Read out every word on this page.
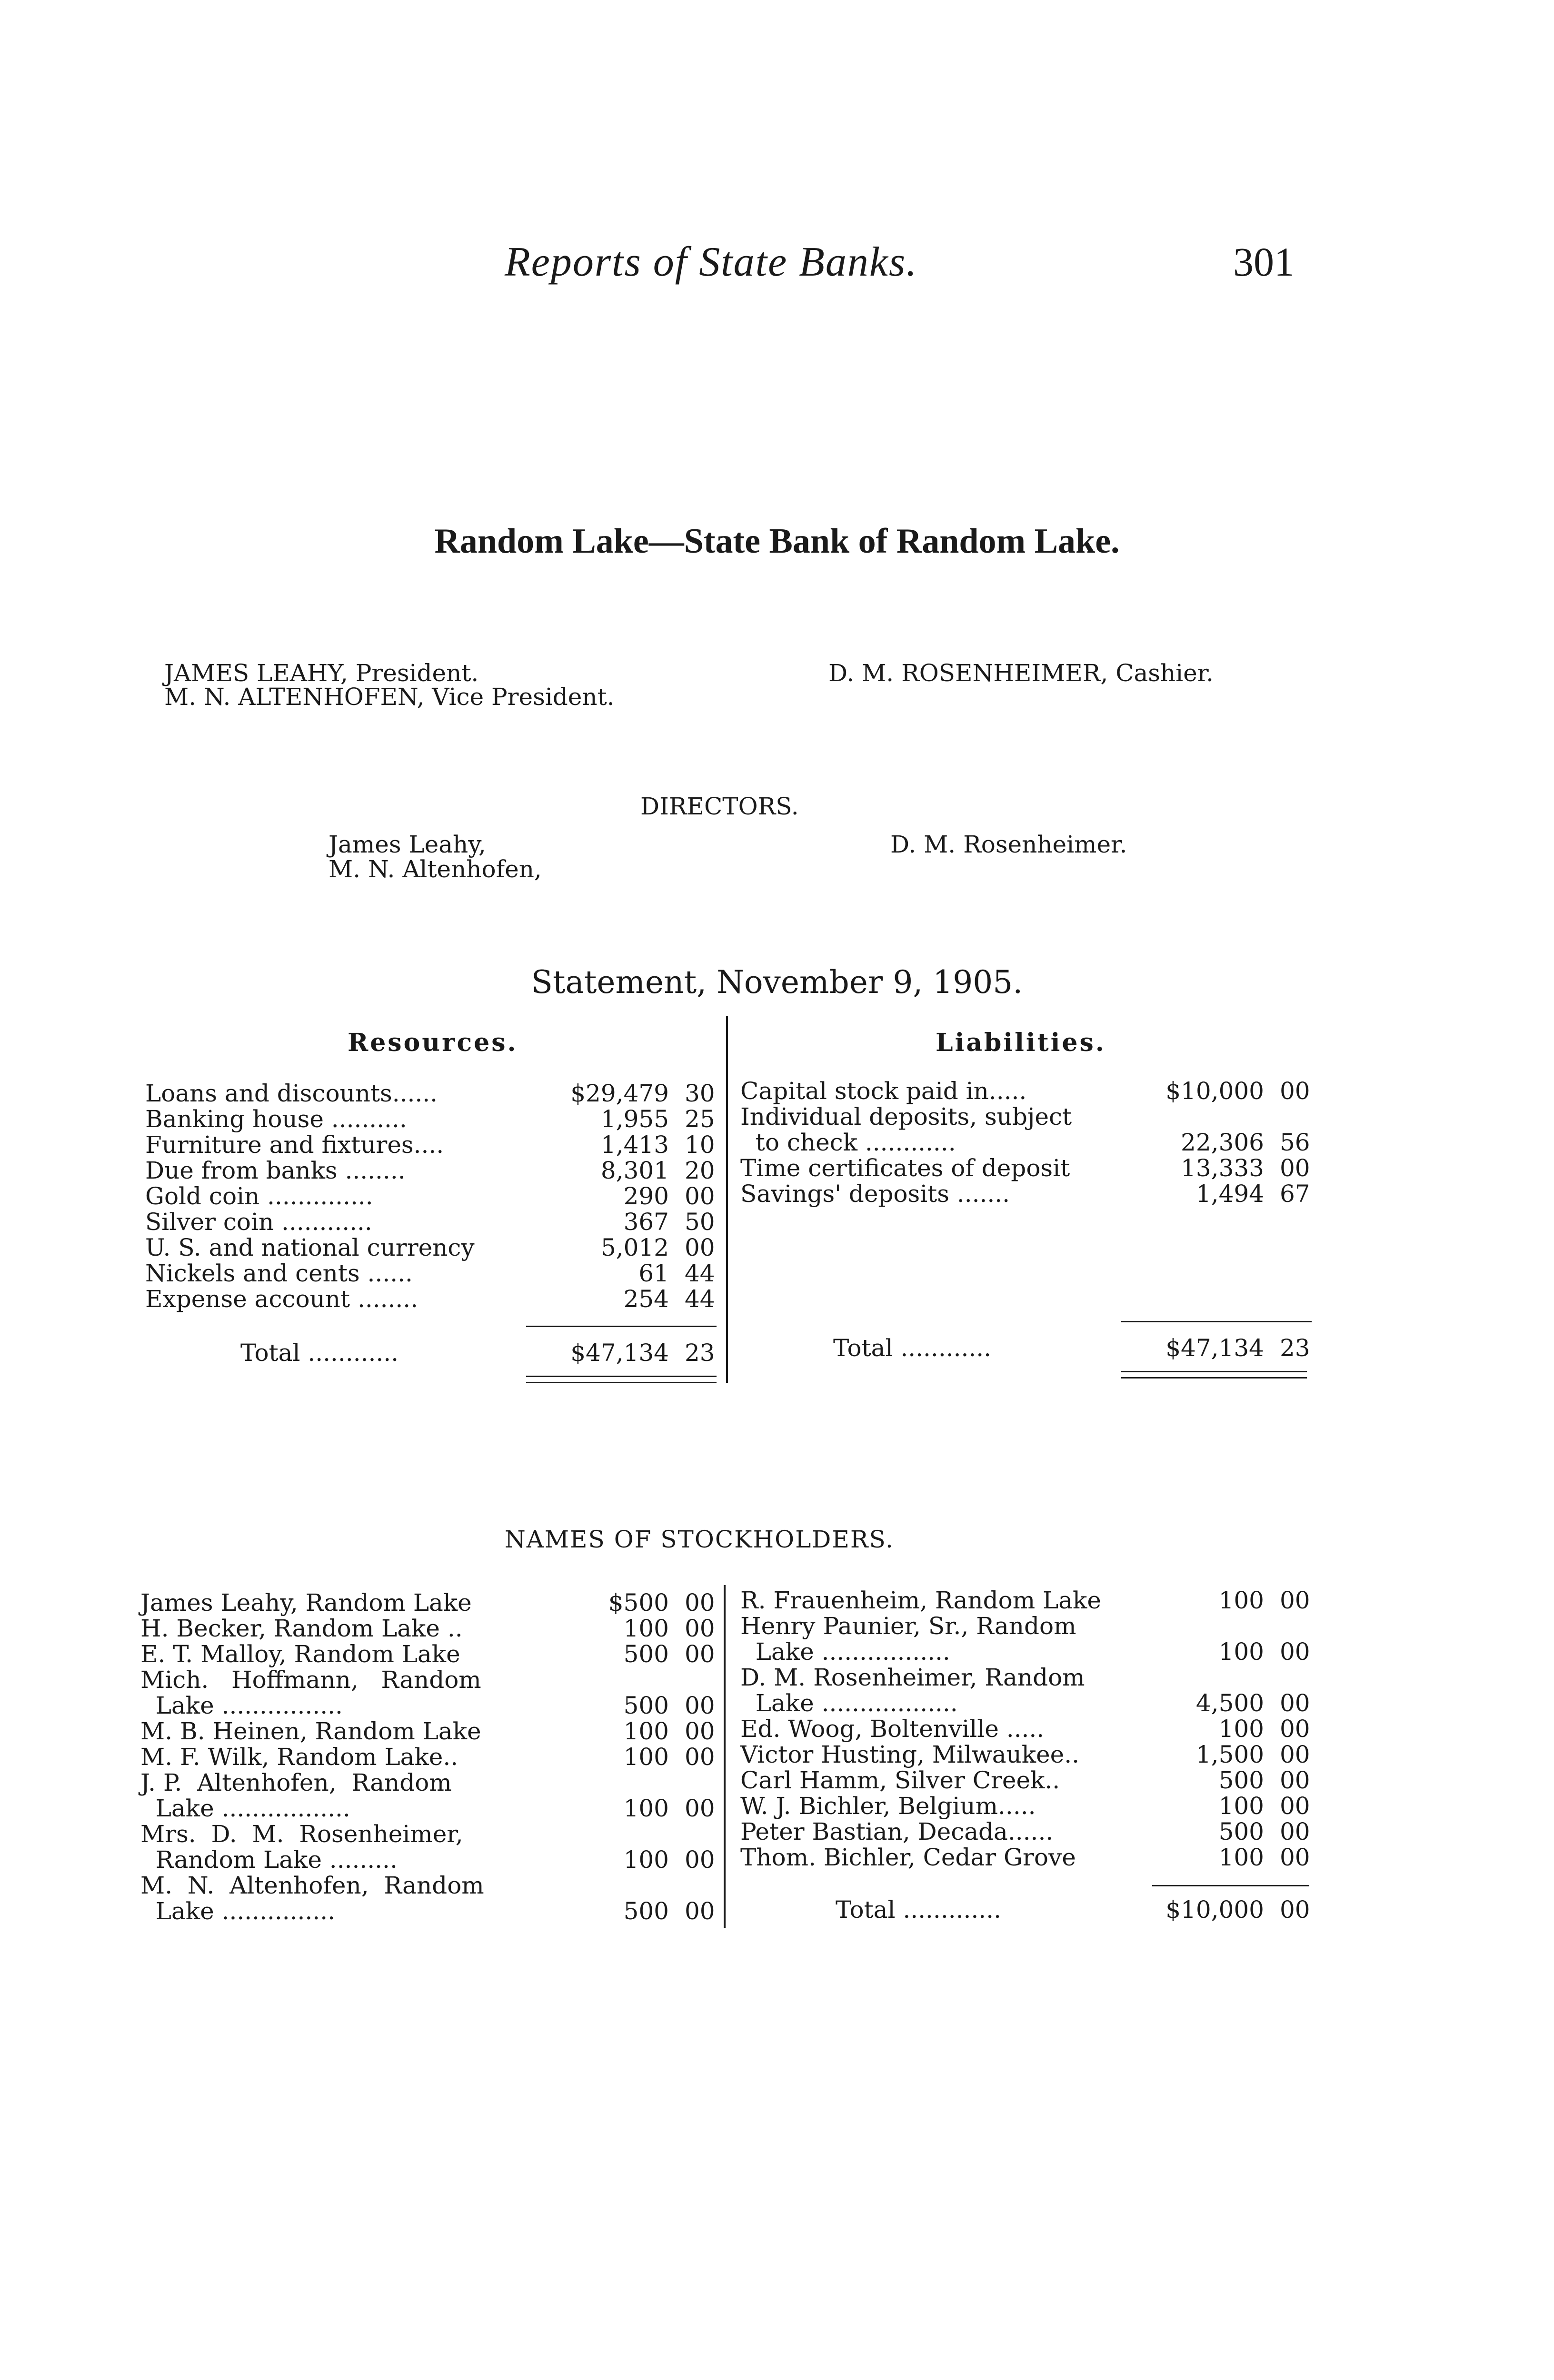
Reports of State Banks.	301
Random Lake—State Bank of Random Lake.
JAMES LEAHY, President.
M. N. ALTENHOFEN, Vice President.
D. M. ROSENHEIMER, Cashier.
DIRECTORS.
James Leahy,
M. N. Altenhofen,
D. M. Rosenheimer.
Statement, November 9, 1905.
Resources.	Liabilities.
Loans and discounts......	$29,479 30
Banking house ..........	1,955 25
Furniture and fixtures....	1,413 10
Due from banks ........	8,301 20
Gold coin ..............	290 00
Silver coin ............	367 50
U. S. and national currency	5,012 00
Nickels and cents ......	61 44
Expense account ........	254 44
Capital stock paid in.....	$10,000 00
Individual deposits, subject
to check ............	22,306 56
Time certificates of deposit	13,333 00
Savings' deposits .......	1,494 67
Total ............	$47,134 23	Total ............	$47,134 23
NAMES OF STOCKHOLDERS.
James Leahy, Random Lake	$500 00
H. Becker, Random Lake ..	100 00
E. T. Malloy, Random Lake	500 00
Mich.   Hoffmann,   Random
Lake ................	500 00
M. B. Heinen, Random Lake	100 00
M. F. Wilk, Random Lake..	100 00
J. P.  Altenhofen,  Random
Lake .................	100 00
Mrs.  D.  M.  Rosenheimer,
Random Lake .........	100 00
M.  N.  Altenhofen,  Random
Lake ...............	500 00
R. Frauenheim, Random Lake	100 00
Henry Paunier, Sr., Random
Lake .................	100 00
D. M. Rosenheimer, Random
Lake ..................	4,500 00
Ed. Woog, Boltenville .....	100 00
Victor Husting, Milwaukee..	1,500 00
Carl Hamm, Silver Creek..	500 00
W. J. Bichler, Belgium.....	100 00
Peter Bastian, Decada......	500 00
Thom. Bichler, Cedar Grove	100 00
Total .............	$10,000 00
